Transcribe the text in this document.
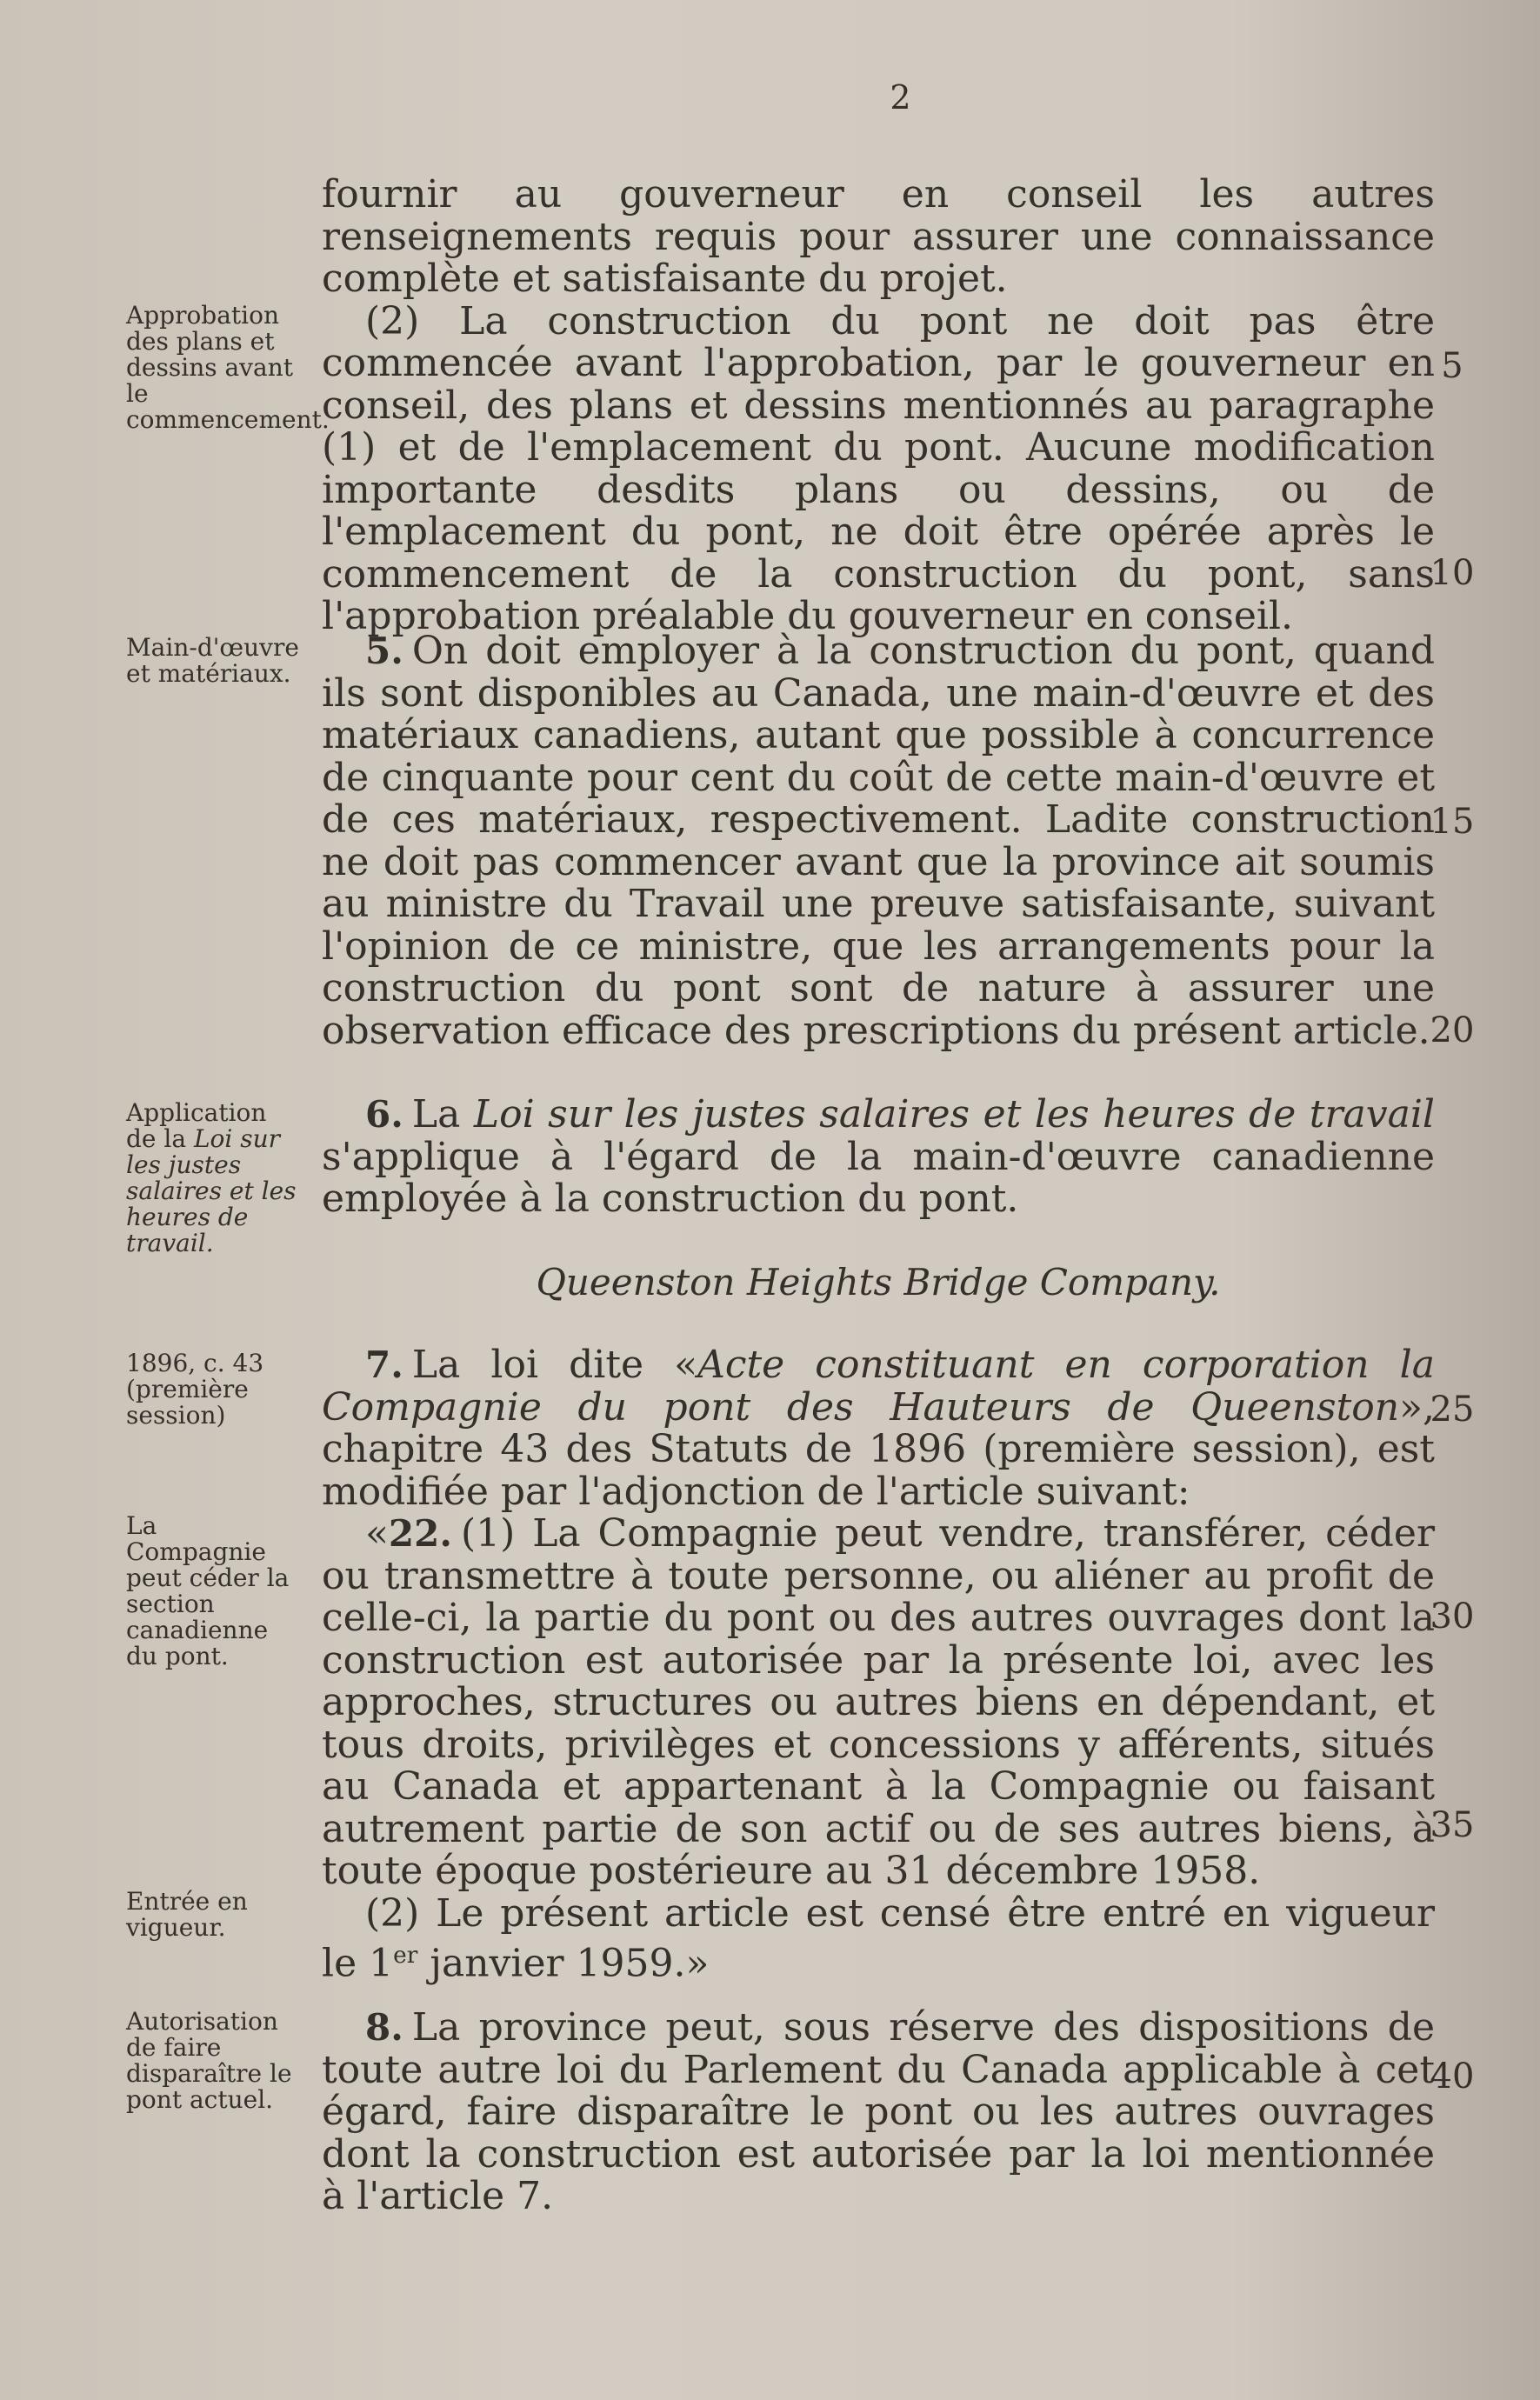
2
Approbation des plans et dessins avant le commencement.
Main-d'œuvre et matériaux.
Application de la Loi sur les justes salaires et les heures de travail.
1896, c. 43 (première session)
La Compagnie peut céder la section canadienne du pont.
Entrée en vigueur.
Autorisation de faire disparaître le pont actuel.

fournir au gouverneur en conseil les autres renseignements requis pour assurer une connaissance complète et satisfaisante du projet.

(2) La construction du pont ne doit pas être commencée avant l'approbation, par le gouverneur en conseil, des plans et dessins mentionnés au paragraphe (1) et de l'emplacement du pont. Aucune modification importante desdits plans ou dessins, ou de l'emplacement du pont, ne doit être opérée après le commencement de la construction du pont, sans l'approbation préalable du gouverneur en conseil.

5. On doit employer à la construction du pont, quand ils sont disponibles au Canada, une main-d'œuvre et des matériaux canadiens, autant que possible à concurrence de cinquante pour cent du coût de cette main-d'œuvre et de ces matériaux, respectivement. Ladite construction ne doit pas commencer avant que la province ait soumis au ministre du Travail une preuve satisfaisante, suivant l'opinion de ce ministre, que les arrangements pour la construction du pont sont de nature à assurer une observation efficace des prescriptions du présent article.

6. La Loi sur les justes salaires et les heures de travail s'applique à l'égard de la main-d'œuvre canadienne employée à la construction du pont.

Queenston Heights Bridge Company.

7. La loi dite «Acte constituant en corporation la Compagnie du pont des Hauteurs de Queenston», chapitre 43 des Statuts de 1896 (première session), est modifiée par l'adjonction de l'article suivant:

«22. (1) La Compagnie peut vendre, transférer, céder ou transmettre à toute personne, ou aliéner au profit de celle-ci, la partie du pont ou des autres ouvrages dont la construction est autorisée par la présente loi, avec les approches, structures ou autres biens en dépendant, et tous droits, privilèges et concessions y afférents, situés au Canada et appartenant à la Compagnie ou faisant autrement partie de son actif ou de ses autres biens, à toute époque postérieure au 31 décembre 1958.

(2) Le présent article est censé être entré en vigueur le 1er janvier 1959.»

8. La province peut, sous réserve des dispositions de toute autre loi du Parlement du Canada applicable à cet égard, faire disparaître le pont ou les autres ouvrages dont la construction est autorisée par la loi mentionnée à l'article 7.

5
10
15
20
25
30
35
40
